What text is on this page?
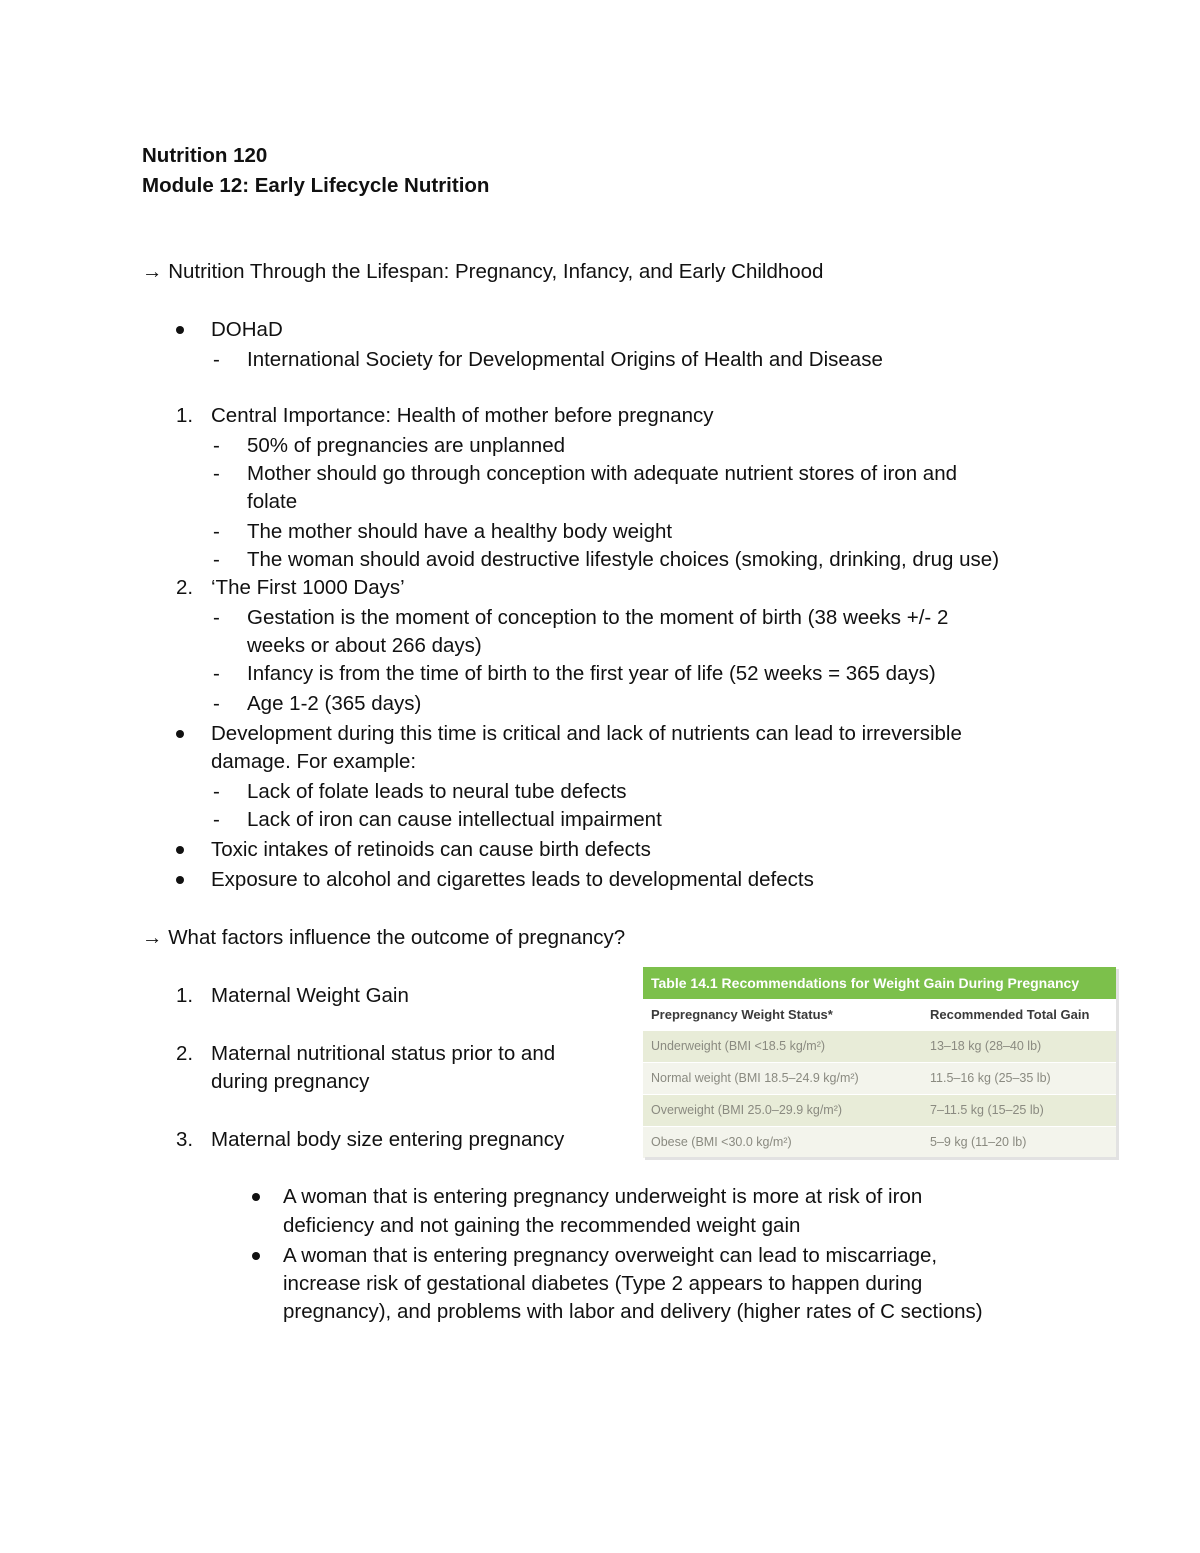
Nutrition 120
Module 12: Early Lifecycle Nutrition
→ Nutrition Through the Lifespan: Pregnancy, Infancy, and Early Childhood
DOHaD
- International Society for Developmental Origins of Health and Disease
1. Central Importance: Health of mother before pregnancy
- 50% of pregnancies are unplanned
- Mother should go through conception with adequate nutrient stores of iron and
folate
- The mother should have a healthy body weight
- The woman should avoid destructive lifestyle choices (smoking, drinking, drug use)
2. ‘The First 1000 Days’
- Gestation is the moment of conception to the moment of birth (38 weeks +/- 2
weeks or about 266 days)
- Infancy is from the time of birth to the first year of life (52 weeks = 365 days)
- Age 1-2 (365 days)
Development during this time is critical and lack of nutrients can lead to irreversible
damage. For example:
- Lack of folate leads to neural tube defects
- Lack of iron can cause intellectual impairment
Toxic intakes of retinoids can cause birth defects
Exposure to alcohol and cigarettes leads to developmental defects
→ What factors influence the outcome of pregnancy?
1. Maternal Weight Gain
2. Maternal nutritional status prior to and
during pregnancy
3. Maternal body size entering pregnancy
Table 14.1 Recommendations for Weight Gain During Pregnancy
Prepregnancy Weight Status*	Recommended Total Gain
Underweight (BMI <18.5 kg/m²)	13–18 kg (28–40 lb)
Normal weight (BMI 18.5–24.9 kg/m²)	11.5–16 kg (25–35 lb)
Overweight (BMI 25.0–29.9 kg/m²)	7–11.5 kg (15–25 lb)
Obese (BMI <30.0 kg/m²)	5–9 kg (11–20 lb)
A woman that is entering pregnancy underweight is more at risk of iron
deficiency and not gaining the recommended weight gain
A woman that is entering pregnancy overweight can lead to miscarriage,
increase risk of gestational diabetes (Type 2 appears to happen during
pregnancy), and problems with labor and delivery (higher rates of C sections)
